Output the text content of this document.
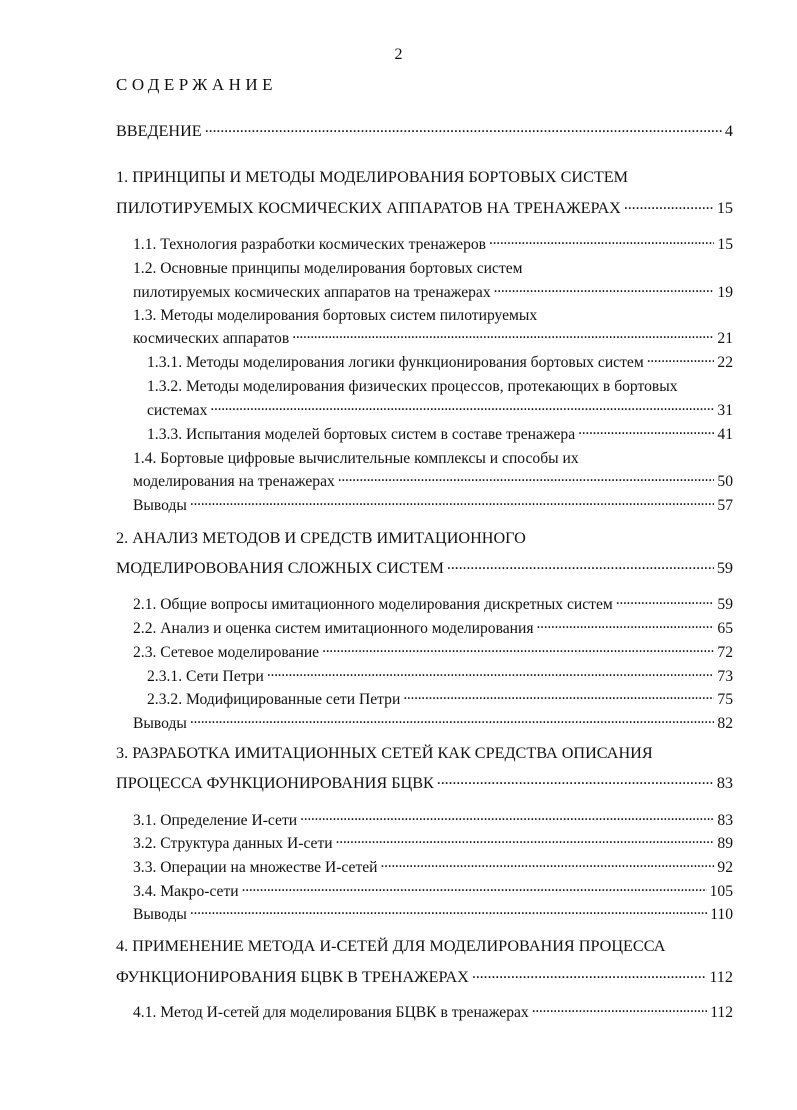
2
СОДЕРЖАНИЕ
ВВЕДЕНИЕ . . .	4
1. ПРИНЦИПЫ И МЕТОДЫ МОДЕЛИРОВАНИЯ БОРТОВЫХ СИСТЕМ
ПИЛОТИРУЕМЫХ КОСМИЧЕСКИХ АППАРАТОВ НА ТРЕНАЖЕРАХ . . .	15
1.1. Технология разработки космических тренажеров . . .	15
1.2. Основные принципы моделирования бортовых систем
пилотируемых космических аппаратов на тренажерах . . .	19
1.3. Методы моделирования бортовых систем пилотируемых
космических аппаратов . . .	21
1.3.1. Методы моделирования логики функционирования бортовых систем . . .	22
1.3.2. Методы моделирования физических процессов, протекающих в бортовых
системах . . .	31
1.3.3. Испытания моделей бортовых систем в составе тренажера . . .	41
1.4. Бортовые цифровые вычислительные комплексы и способы их
моделирования на тренажерах . . .	50
Выводы . . .	57
2. АНАЛИЗ МЕТОДОВ И СРЕДСТВ ИМИТАЦИОННОГО
МОДЕЛИРОВОВАНИЯ СЛОЖНЫХ СИСТЕМ . . .	59
2.1. Общие вопросы имитационного моделирования дискретных систем . . .	59
2.2. Анализ и оценка систем имитационного моделирования . . .	65
2.3. Сетевое моделирование . . .	72
2.3.1. Сети Петри . . .	73
2.3.2. Модифицированные сети Петри . . .	75
Выводы . . .	82
3. РАЗРАБОТКА ИМИТАЦИОННЫХ СЕТЕЙ КАК СРЕДСТВА ОПИСАНИЯ
ПРОЦЕССА ФУНКЦИОНИРОВАНИЯ БЦВК . . .	83
3.1. Определение И-сети . . .	83
3.2. Структура данных И-сети . . .	89
3.3. Операции на множестве И-сетей . . .	92
3.4. Макро-сети . . .	105
Выводы . . .	110
4. ПРИМЕНЕНИЕ МЕТОДА И-СЕТЕЙ ДЛЯ МОДЕЛИРОВАНИЯ ПРОЦЕССА
ФУНКЦИОНИРОВАНИЯ БЦВК В ТРЕНАЖЕРАХ . . .	112
4.1. Метод И-сетей для моделирования БЦВК в тренажерах . . .	112
